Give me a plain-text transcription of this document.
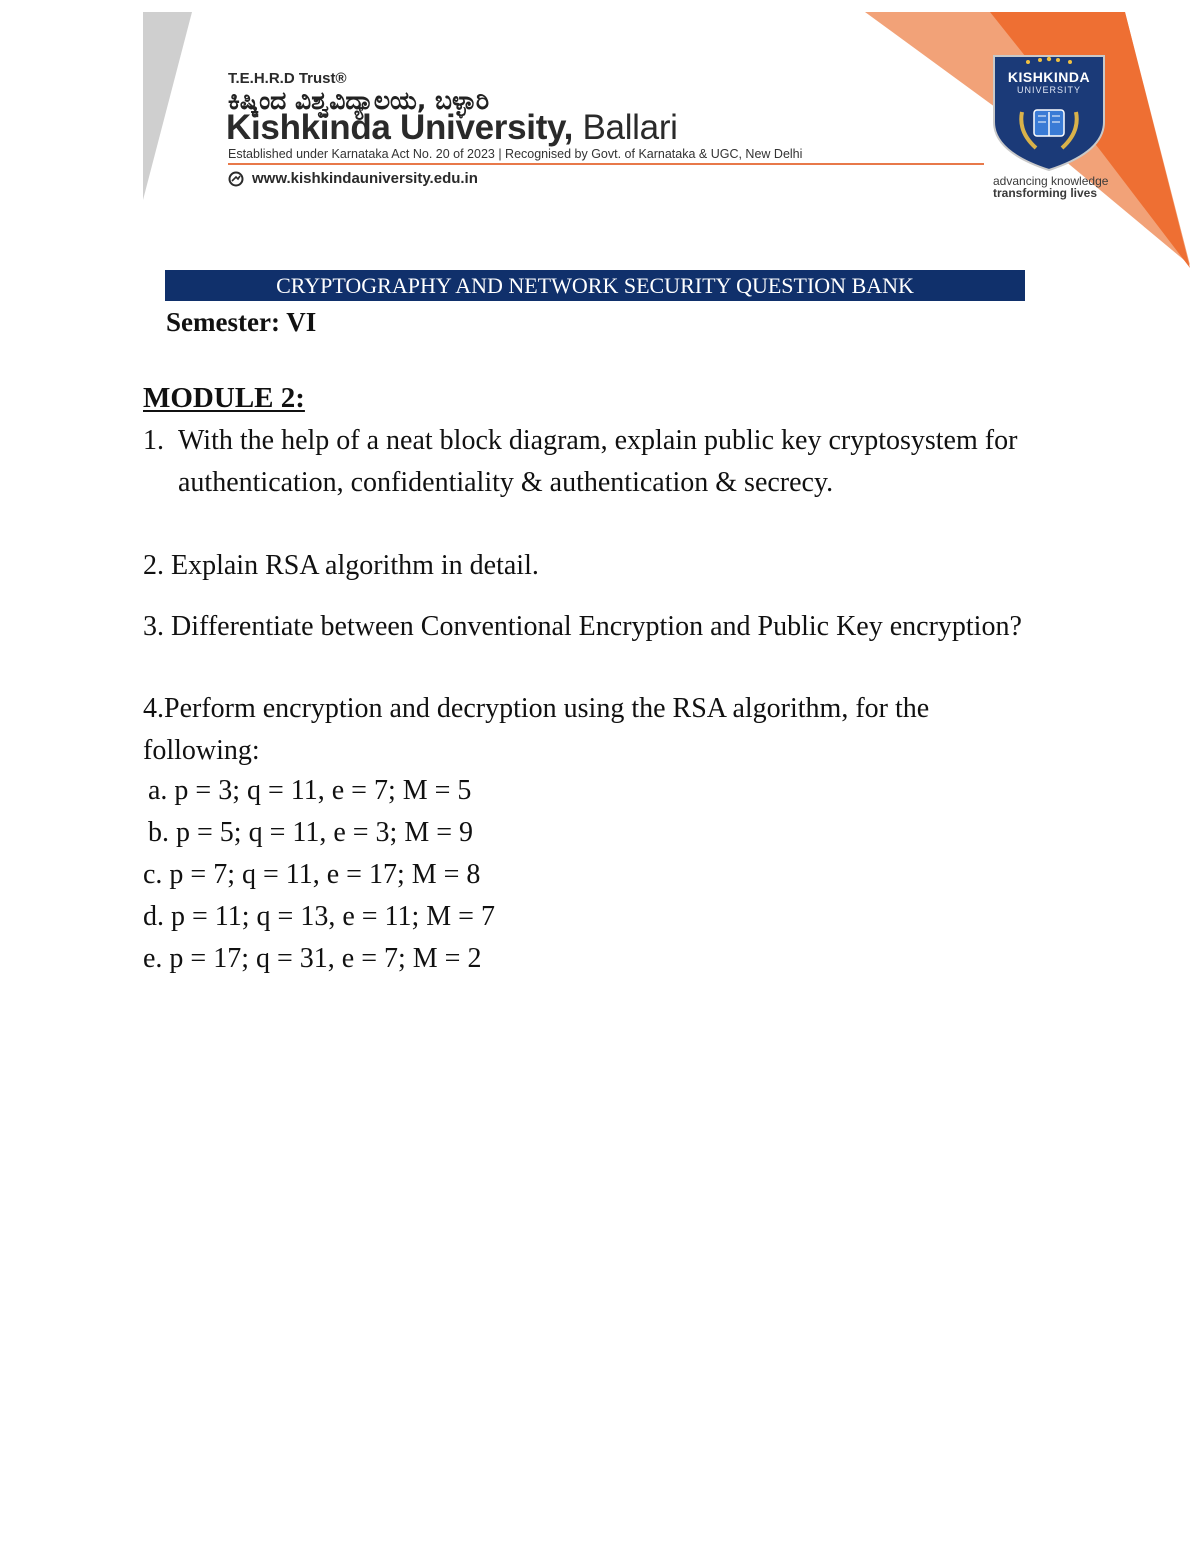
T.E.H.R.D Trust®
ಕಿಷ್ಕಿಂದ ವಿಶ್ವವಿದ್ಯಾಲಯ, ಬಳ್ಳಾರಿ
Kishkinda University, Ballari
Established under Karnataka Act No. 20 of 2023 | Recognised by Govt. of Karnataka & UGC, New Delhi
www.kishkindauniversity.edu.in
KISHKINDA
UNIVERSITY
advancing knowledge
transforming lives
CRYPTOGRAPHY AND NETWORK SECURITY QUESTION BANK
Semester: VI
MODULE 2:
1. With the help of a neat block diagram, explain public key cryptosystem for authentication, confidentiality & authentication & secrecy.
2. Explain RSA algorithm in detail.
3. Differentiate between Conventional Encryption and Public Key encryption?
4.Perform encryption and decryption using the RSA algorithm, for the following:
a. p = 3; q = 11, e = 7; M = 5
b. p = 5; q = 11, e = 3; M = 9
c. p = 7; q = 11, e = 17; M = 8
d. p = 11; q = 13, e = 11; M = 7
e. p = 17; q = 31, e = 7; M = 2
